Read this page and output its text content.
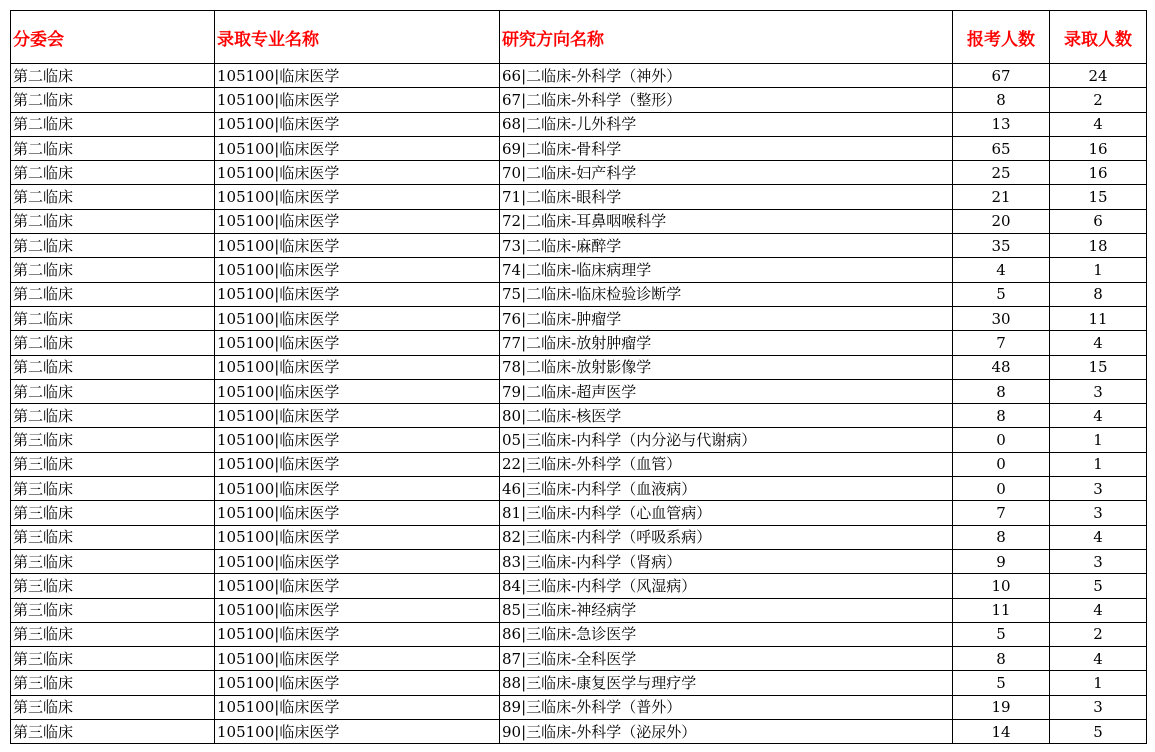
分委会	录取专业名称	研究方向名称	报考人数	录取人数
第二临床	105100|临床医学	66|二临床-外科学（神外）	67	24
第二临床	105100|临床医学	67|二临床-外科学（整形）	8	2
第二临床	105100|临床医学	68|二临床-儿外科学	13	4
第二临床	105100|临床医学	69|二临床-骨科学	65	16
第二临床	105100|临床医学	70|二临床-妇产科学	25	16
第二临床	105100|临床医学	71|二临床-眼科学	21	15
第二临床	105100|临床医学	72|二临床-耳鼻咽喉科学	20	6
第二临床	105100|临床医学	73|二临床-麻醉学	35	18
第二临床	105100|临床医学	74|二临床-临床病理学	4	1
第二临床	105100|临床医学	75|二临床-临床检验诊断学	5	8
第二临床	105100|临床医学	76|二临床-肿瘤学	30	11
第二临床	105100|临床医学	77|二临床-放射肿瘤学	7	4
第二临床	105100|临床医学	78|二临床-放射影像学	48	15
第二临床	105100|临床医学	79|二临床-超声医学	8	3
第二临床	105100|临床医学	80|二临床-核医学	8	4
第三临床	105100|临床医学	05|三临床-内科学（内分泌与代谢病）	0	1
第三临床	105100|临床医学	22|三临床-外科学（血管）	0	1
第三临床	105100|临床医学	46|三临床-内科学（血液病）	0	3
第三临床	105100|临床医学	81|三临床-内科学（心血管病）	7	3
第三临床	105100|临床医学	82|三临床-内科学（呼吸系病）	8	4
第三临床	105100|临床医学	83|三临床-内科学（肾病）	9	3
第三临床	105100|临床医学	84|三临床-内科学（风湿病）	10	5
第三临床	105100|临床医学	85|三临床-神经病学	11	4
第三临床	105100|临床医学	86|三临床-急诊医学	5	2
第三临床	105100|临床医学	87|三临床-全科医学	8	4
第三临床	105100|临床医学	88|三临床-康复医学与理疗学	5	1
第三临床	105100|临床医学	89|三临床-外科学（普外）	19	3
第三临床	105100|临床医学	90|三临床-外科学（泌尿外）	14	5
